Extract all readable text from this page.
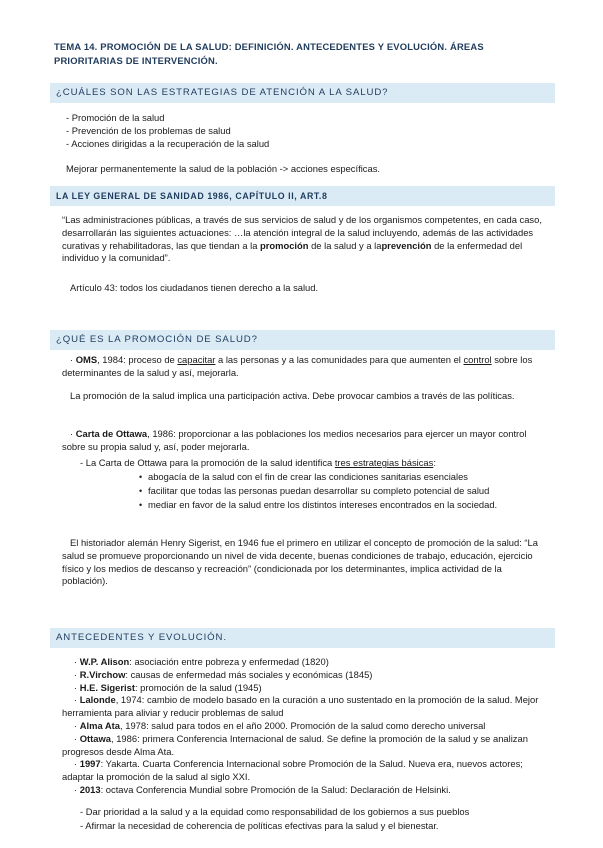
TEMA 14. PROMOCIÓN DE LA SALUD: DEFINICIÓN. ANTECEDENTES Y EVOLUCIÓN. ÁREAS PRIORITARIAS DE INTERVENCIÓN.
¿CUÁLES SON LAS ESTRATEGIAS DE ATENCIÓN A LA SALUD?

- Promoción de la salud

- Prevención de los problemas de salud

- Acciones dirigidas a la recuperación de la salud

Mejorar permanentemente la salud de la población -> acciones específicas.
LA LEY GENERAL DE SANIDAD 1986, CAPÍTULO II, ART.8
“Las administraciones públicas, a través de sus servicios de salud y de los organismos competentes, en cada caso, desarrollarán las siguientes actuaciones: …la atención integral de la salud incluyendo, además de las actividades curativas y rehabilitadoras, las que tiendan a la promoción de la salud y a laprevención de la enfermedad del individuo y la comunidad”.
Artículo 43: todos los ciudadanos tienen derecho a la salud.
¿QUÉ ES LA PROMOCIÓN DE SALUD?
· OMS, 1984: proceso de capacitar a las personas y a las comunidades para que aumenten el control sobre los determinantes de la salud y así, mejorarla.
La promoción de la salud implica una participación activa. Debe provocar cambios a través de las políticas.
· Carta de Ottawa, 1986: proporcionar a las poblaciones los medios necesarios para ejercer un mayor control sobre su propia salud y, así, poder mejorarla.
- La Carta de Ottawa para la promoción de la salud identifica tres estrategias básicas:
• abogacía de la salud con el fin de crear las condiciones sanitarias esenciales
• facilitar que todas las personas puedan desarrollar su completo potencial de salud
• mediar en favor de la salud entre los distintos intereses encontrados en la sociedad.
El historiador alemán Henry Sigerist, en 1946 fue el primero en utilizar el concepto de promoción de la salud: “La salud se promueve proporcionando un nivel de vida decente, buenas condiciones de trabajo, educación, ejercicio físico y los medios de descanso y recreación” (condicionada por los determinantes, implica actividad de la población).
ANTECEDENTES Y EVOLUCIÓN.

· W.P. Alison: asociación entre pobreza y enfermedad (1820)

· R.Virchow: causas de enfermedad más sociales y económicas (1845)

· H.E. Sigerist: promoción de la salud (1945)

· Lalonde, 1974: cambio de modelo basado en la curación a uno sustentado en la promoción de la salud. Mejor herramienta para aliviar y reducir problemas de salud

· Alma Ata, 1978: salud para todos en el año 2000. Promoción de la salud como derecho universal

· Ottawa, 1986: primera Conferencia Internacional de salud. Se define la promoción de la salud y se analizan progresos desde Alma Ata.

· 1997: Yakarta. Cuarta Conferencia Internacional sobre Promoción de la Salud. Nueva era, nuevos actores; adaptar la promoción de la salud al siglo XXI.

· 2013: octava Conferencia Mundial sobre Promoción de la Salud: Declaración de Helsinki.

- Dar prioridad a la salud y a la equidad como responsabilidad de los gobiernos a sus pueblos
- Afirmar la necesidad de coherencia de políticas efectivas para la salud y el bienestar.
